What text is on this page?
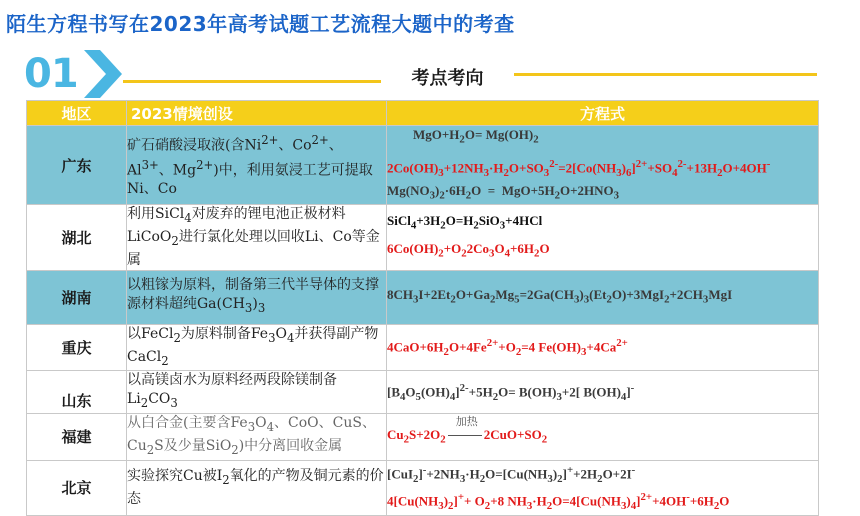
陌生方程书写在2023年高考试题工艺流程大题中的考查
01	考点考向
地区	2023情境创设	方程式
广东	矿石硝酸浸取液(含$Ni^{2+}$、$Co^{2+}$、$Al^{3+}$、$Mg^{2+}$)中，利用氨浸工艺可提取Ni、Co	$MgO+H_2O= Mg(OH)_2$
$2Co(OH)_3+12NH_3\cdot H_2O+SO_3^{2-}=2[Co(NH_3)_6]^{2+}+SO_4^{2-}+13H_2O+4OH^-$
$Mg(NO_3)_2\cdot 6H_2O = MgO+5H_2O+2HNO_3$

湖北	利用SiCl$_4$对废弃的锂电池正极材料LiCoO$_2$进行氯化处理以回收Li、Co等金属	$SiCl_4+3H_2O=H_2SiO_3+4HCl$
$6Co(OH)_2+O_22Co_3O_4+6H_2O$

湖南	以粗镓为原料，制备第三代半导体的支撑源材料超纯$Ga(CH_3)_3$	$8CH_3I+2Et_2O+Ga_2Mg_5=2Ga(CH_3)_3(Et_2O)+3MgI_2+2CH_3MgI$

重庆	以FeCl$_2$为原料制备$Fe_3O_4$并获得副产物CaCl$_2$	$4CaO+6H_2O+4Fe^{2+}+O_2=4$ $Fe(OH)_3+4Ca^{2+}$

山东	以高镁卤水为原料经两段除镁制备$Li_2CO_3$	$[B_4O_5(OH)_4]^{2-}+5H_2O= B(OH)_3+2$[ $B(OH)_4]^-$

福建	从白合金(主要含$Fe_3O_4$、CoO、CuS、$Cu_2S$及少量SiO$_2$)中分离回收金属	$Cu_2S+2O_2$
加热
$2CuO+SO_2$

北京	实验探究Cu被$I_2$氧化的产物及铜元素的价态	$[CuI_2]^-+2NH_3\cdot H_2O=[Cu(NH_3)_2]^++2H_2O+2I^-$
$4[Cu(NH_3)_2]^++ O_2+8$ $NH_3\cdot H_2O=4[Cu(NH_3)_4]^{2+}+4OH^-+6H_2O$
